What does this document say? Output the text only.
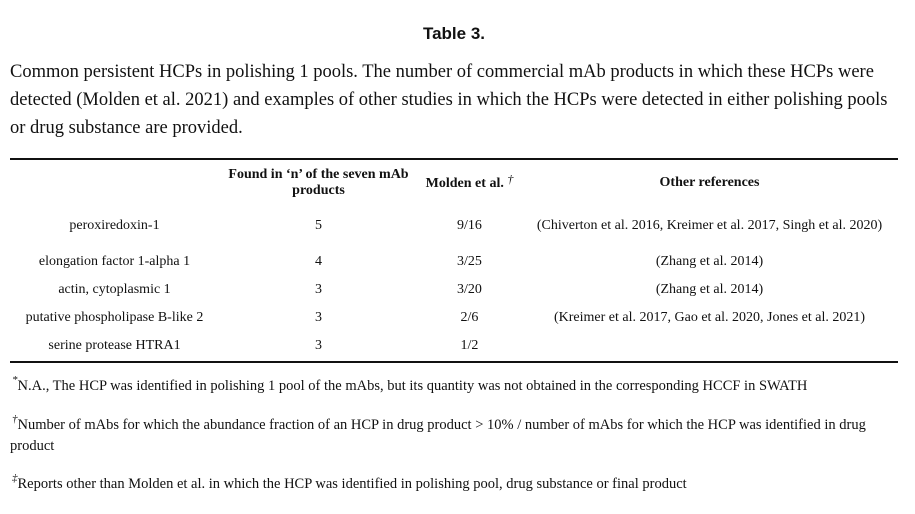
Table 3.
Common persistent HCPs in polishing 1 pools. The number of commercial mAb products in which these HCPs were detected (Molden et al. 2021) and examples of other studies in which the HCPs were detected in either polishing pools or drug substance are provided.
	Found in ‘n’ of the seven mAb products	Molden et al. †	Other references
peroxiredoxin-1	5	9/16	(Chiverton et al. 2016, Kreimer et al. 2017, Singh et al. 2020)
elongation factor 1-alpha 1	4	3/25	(Zhang et al. 2014)
actin, cytoplasmic 1	3	3/20	(Zhang et al. 2014)
putative phospholipase B-like 2	3	2/6	(Kreimer et al. 2017, Gao et al. 2020, Jones et al. 2021)
serine protease HTRA1	3	1/2	
*N.A., The HCP was identified in polishing 1 pool of the mAbs, but its quantity was not obtained in the corresponding HCCF in SWATH
†Number of mAbs for which the abundance fraction of an HCP in drug product > 10% / number of mAbs for which the HCP was identified in drug product
‡Reports other than Molden et al. in which the HCP was identified in polishing pool, drug substance or final product
